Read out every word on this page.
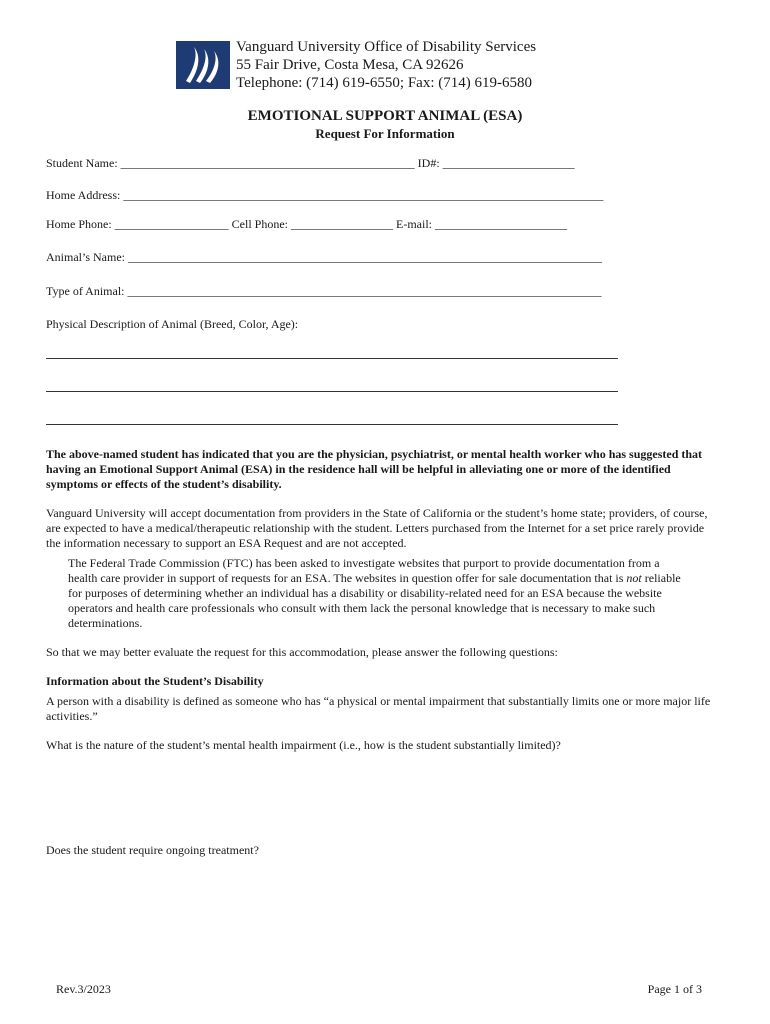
Vanguard University Office of Disability Services
55 Fair Drive, Costa Mesa, CA 92626
Telephone: (714) 619-6550; Fax: (714) 619-6580
EMOTIONAL SUPPORT ANIMAL (ESA)
Request For Information
Student Name: _________________________________________________ ID#: ______________________
Home Address: ________________________________________________________________________________
Home Phone: ___________________ Cell Phone: _________________ E-mail: ______________________
Animal’s Name: _______________________________________________________________________________
Type of Animal: _______________________________________________________________________________
Physical Description of Animal (Breed, Color, Age):
The above-named student has indicated that you are the physician, psychiatrist, or mental health worker who has suggested that having an Emotional Support Animal (ESA) in the residence hall will be helpful in alleviating one or more of the identified symptoms or effects of the student’s disability.
Vanguard University will accept documentation from providers in the State of California or the student’s home state; providers, of course, are expected to have a medical/therapeutic relationship with the student. Letters purchased from the Internet for a set price rarely provide the information necessary to support an ESA Request and are not accepted.
The Federal Trade Commission (FTC) has been asked to investigate websites that purport to provide documentation from a health care provider in support of requests for an ESA. The websites in question offer for sale documentation that is not reliable for purposes of determining whether an individual has a disability or disability-related need for an ESA because the website operators and health care professionals who consult with them lack the personal knowledge that is necessary to make such determinations.
So that we may better evaluate the request for this accommodation, please answer the following questions:
Information about the Student’s Disability
A person with a disability is defined as someone who has “a physical or mental impairment that substantially limits one or more major life activities.”
What is the nature of the student’s mental health impairment (i.e., how is the student substantially limited)?
Does the student require ongoing treatment?
Rev.3/2023	Page 1 of 3
